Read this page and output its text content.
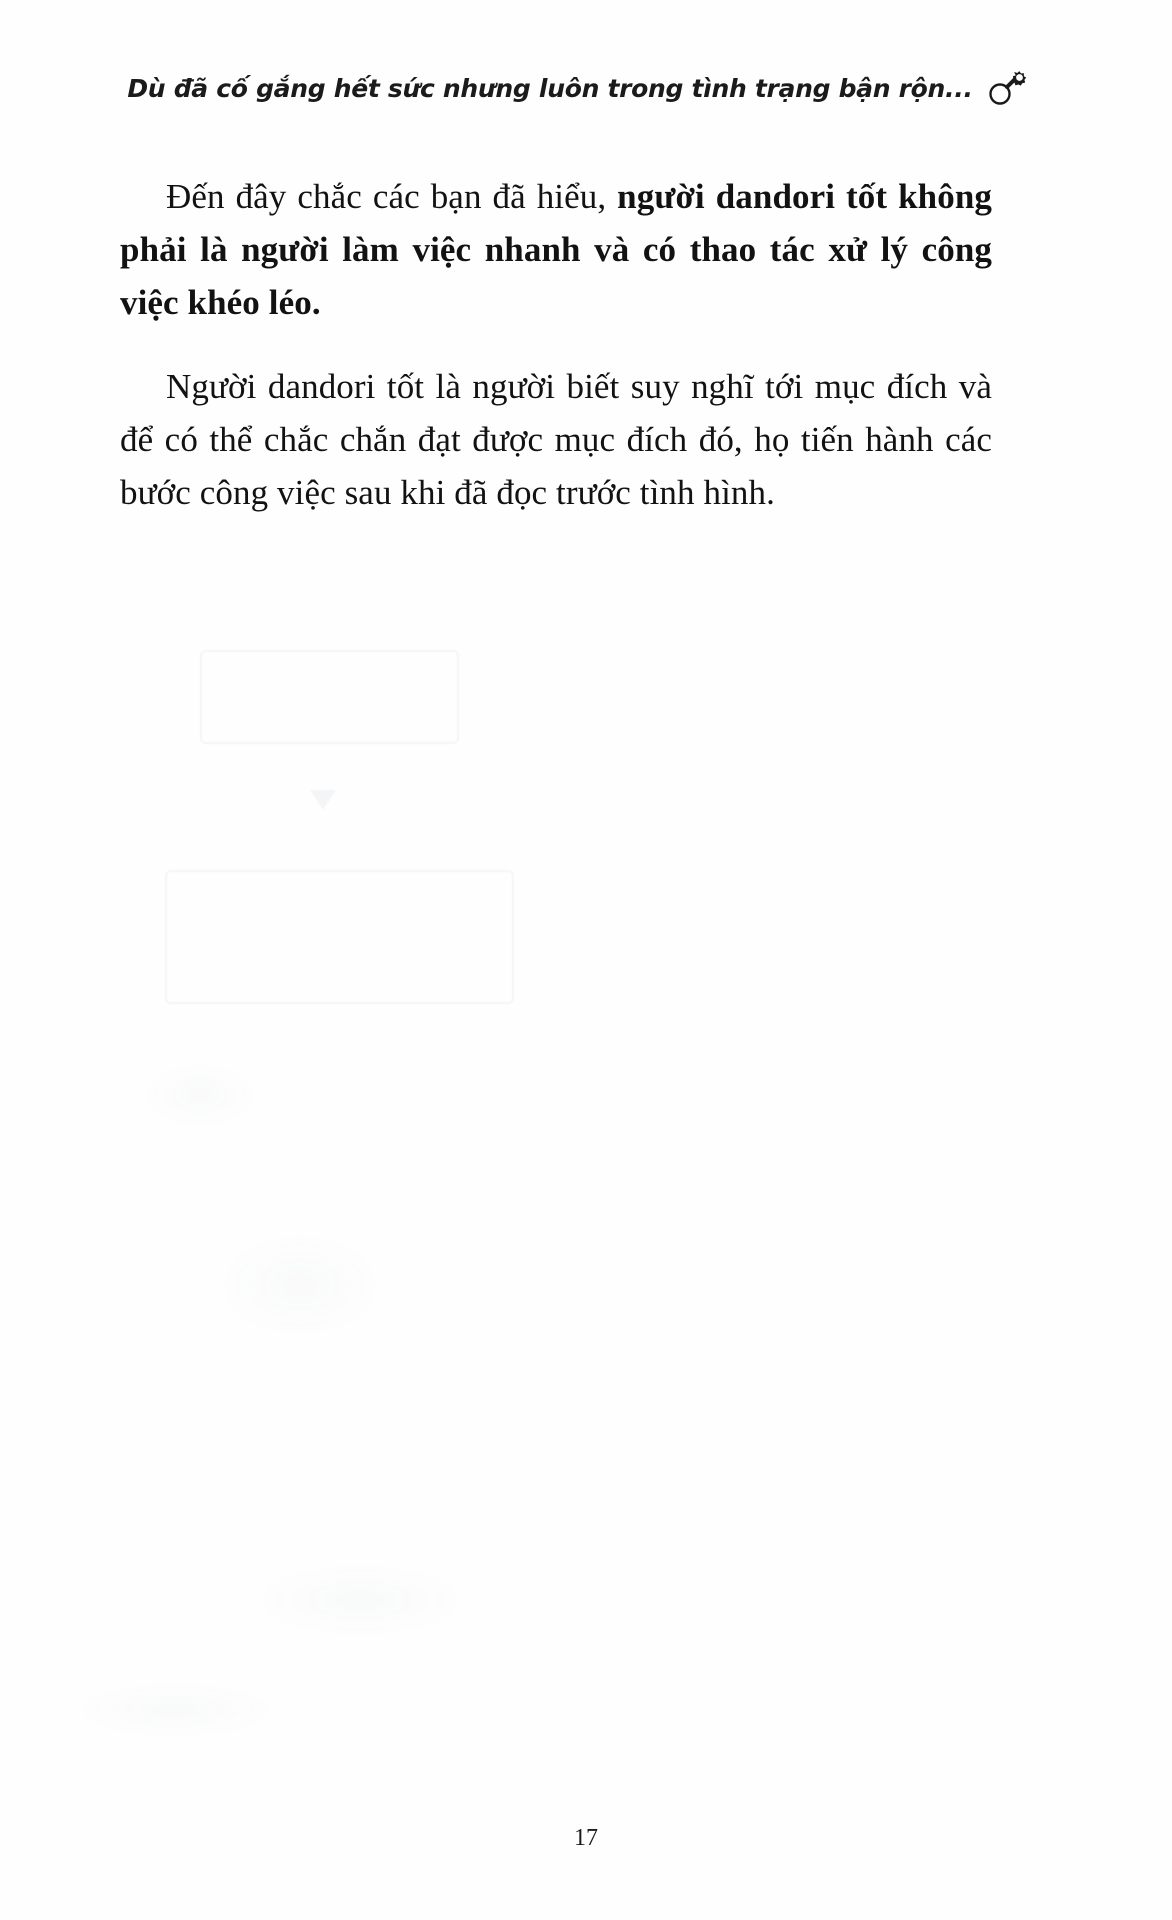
Dù đã cố gắng hết sức nhưng luôn trong tình trạng bận rộn...

Đến đây chắc các bạn đã hiểu, người dandori tốt không phải là người làm việc nhanh và có thao tác xử lý công việc khéo léo.

Người dandori tốt là người biết suy nghĩ tới mục đích và để có thể chắc chắn đạt được mục đích đó, họ tiến hành các bước công việc sau khi đã đọc trước tình hình.

17
